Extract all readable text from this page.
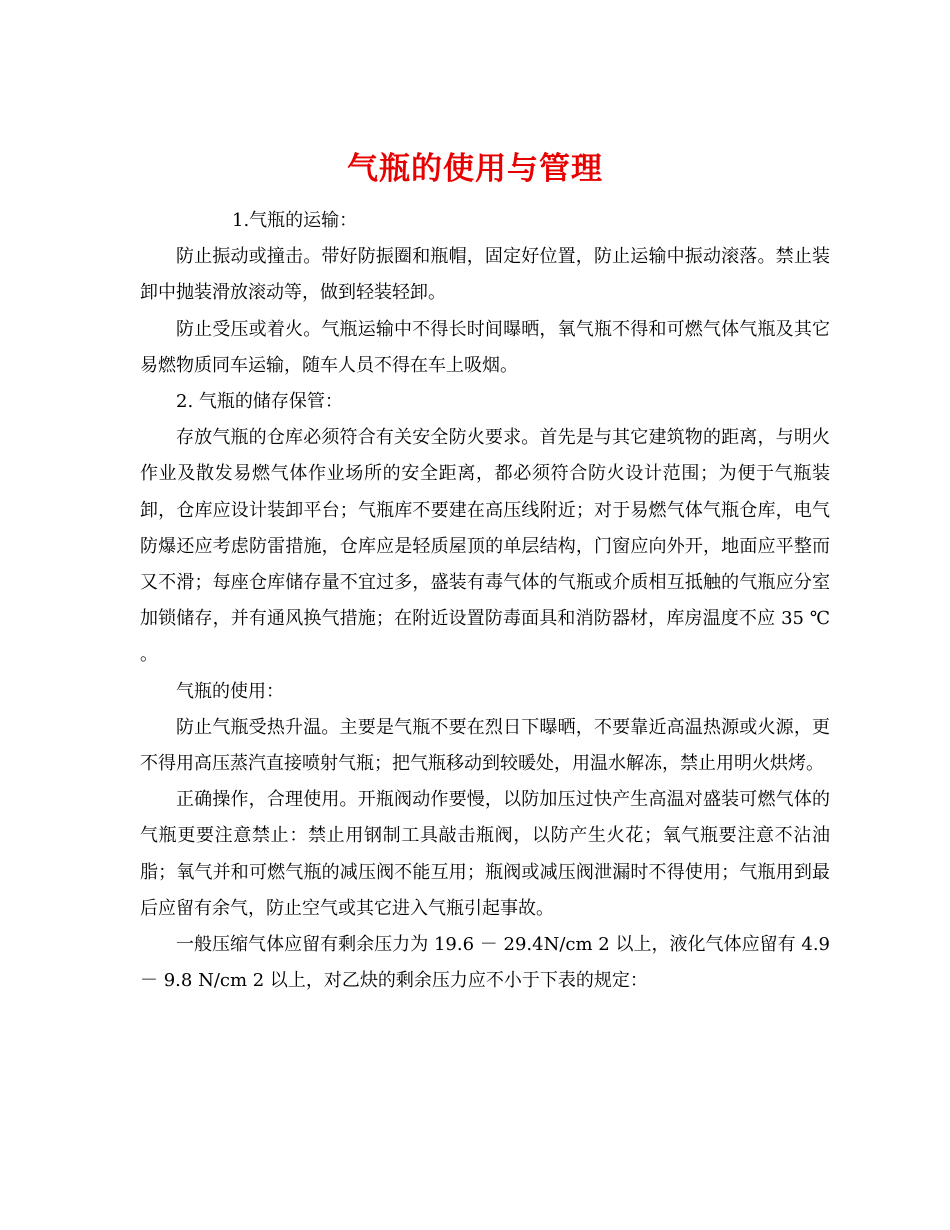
气瓶的使用与管理

1.气瓶的运输：

防止振动或撞击。带好防振圈和瓶帽，固定好位置，防止运输中振动滚落。禁止装卸中抛装滑放滚动等，做到轻装轻卸。

防止受压或着火。气瓶运输中不得长时间曝晒，氧气瓶不得和可燃气体气瓶及其它易燃物质同车运输，随车人员不得在车上吸烟。

2. 气瓶的储存保管：

存放气瓶的仓库必须符合有关安全防火要求。首先是与其它建筑物的距离，与明火作业及散发易燃气体作业场所的安全距离，都必须符合防火设计范围；为便于气瓶装卸，仓库应设计装卸平台；气瓶库不要建在高压线附近；对于易燃气体气瓶仓库，电气防爆还应考虑防雷措施，仓库应是轻质屋顶的单层结构，门窗应向外开，地面应平整而又不滑；每座仓库储存量不宜过多，盛装有毒气体的气瓶或介质相互抵触的气瓶应分室加锁储存，并有通风换气措施；在附近设置防毒面具和消防器材，库房温度不应 35 ℃ 。

气瓶的使用：

防止气瓶受热升温。主要是气瓶不要在烈日下曝晒，不要靠近高温热源或火源，更不得用高压蒸汽直接喷射气瓶；把气瓶移动到较暖处，用温水解冻，禁止用明火烘烤。

正确操作，合理使用。开瓶阀动作要慢，以防加压过快产生高温对盛装可燃气体的气瓶更要注意禁止：禁止用钢制工具敲击瓶阀，以防产生火花；氧气瓶要注意不沾油脂；氧气并和可燃气瓶的减压阀不能互用；瓶阀或减压阀泄漏时不得使用；气瓶用到最后应留有余气，防止空气或其它进入气瓶引起事故。

一般压缩气体应留有剩余压力为 19.6 － 29.4N/cm 2 以上，液化气体应留有 4.9 － 9.8 N/cm 2 以上，对乙炔的剩余压力应不小于下表的规定：
